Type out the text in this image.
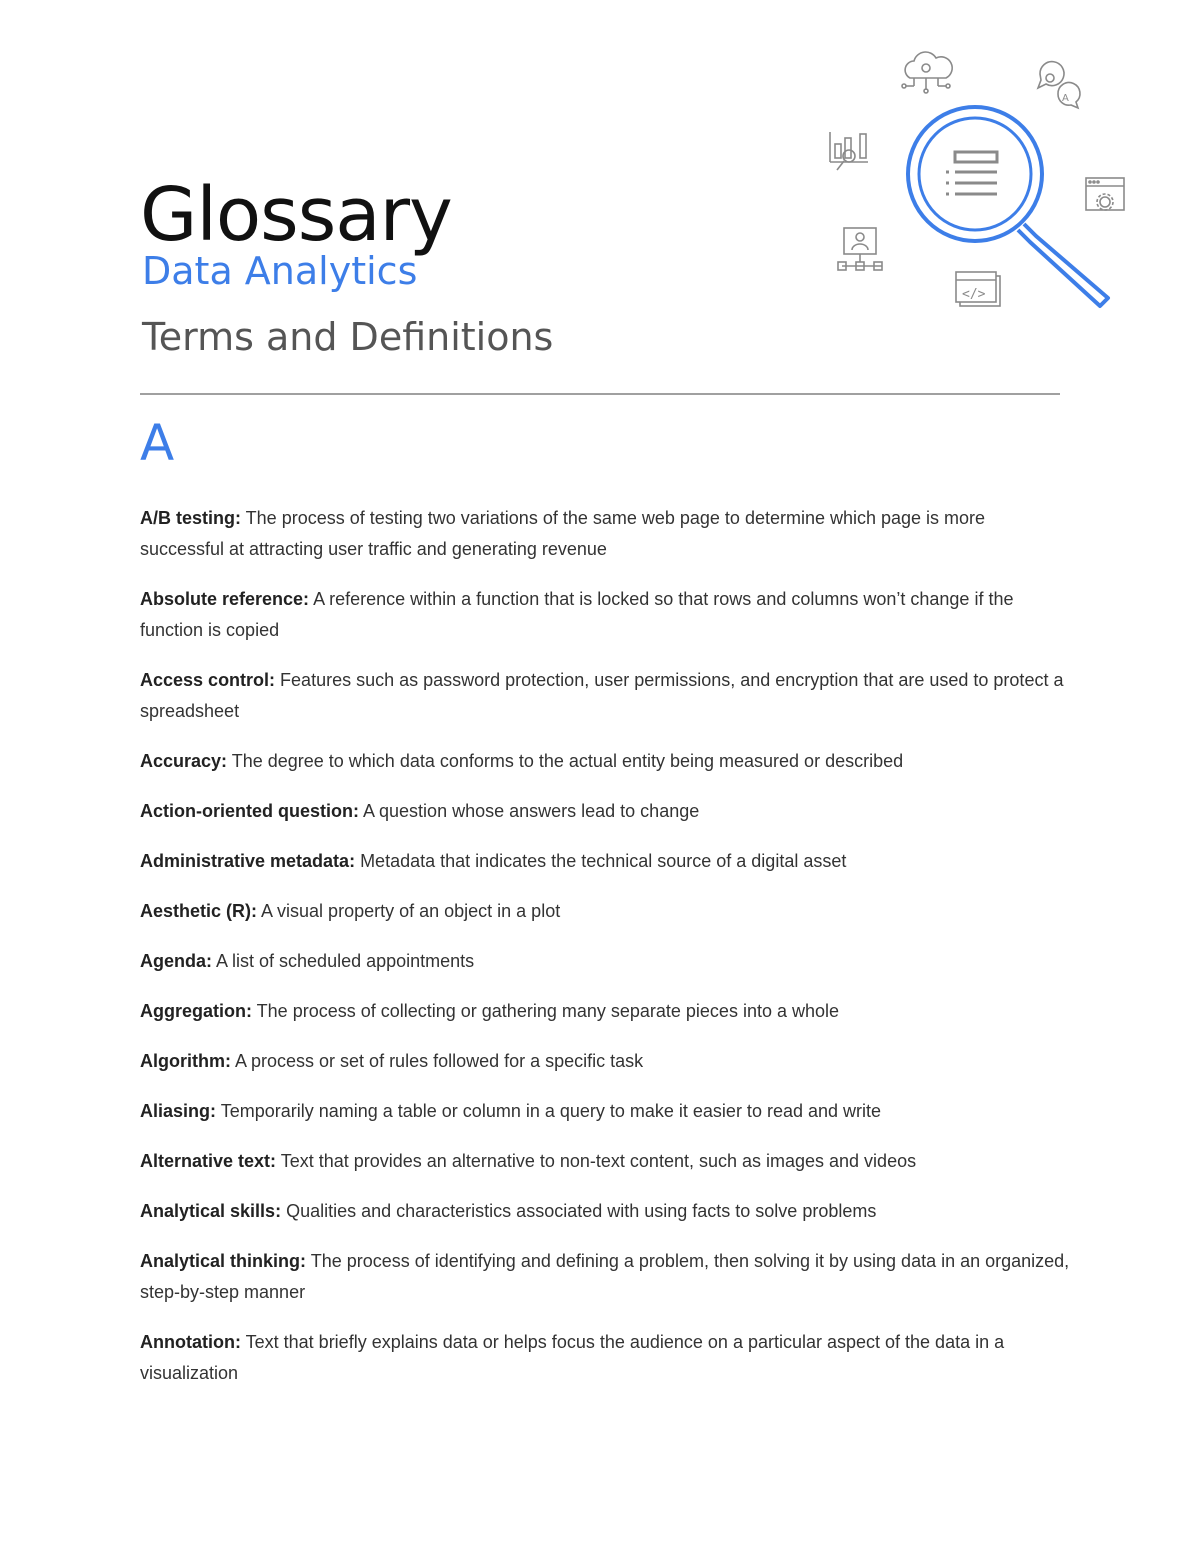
Glossary
Data Analytics
Terms and Definitions
A
</>
A

A/B testing: The process of testing two variations of the same web page to determine which page is more successful at attracting user traffic and generating revenue

Absolute reference: A reference within a function that is locked so that rows and columns won’t change if the function is copied

Access control: Features such as password protection, user permissions, and encryption that are used to protect a spreadsheet

Accuracy: The degree to which data conforms to the actual entity being measured or described

Action-oriented question: A question whose answers lead to change

Administrative metadata: Metadata that indicates the technical source of a digital asset

Aesthetic (R): A visual property of an object in a plot

Agenda: A list of scheduled appointments

Aggregation: The process of collecting or gathering many separate pieces into a whole

Algorithm: A process or set of rules followed for a specific task

Aliasing: Temporarily naming a table or column in a query to make it easier to read and write

Alternative text: Text that provides an alternative to non-text content, such as images and videos

Analytical skills: Qualities and characteristics associated with using facts to solve problems

Analytical thinking: The process of identifying and defining a problem, then solving it by using data in an organized, step-by-step manner

Annotation: Text that briefly explains data or helps focus the audience on a particular aspect of the data in a visualization
